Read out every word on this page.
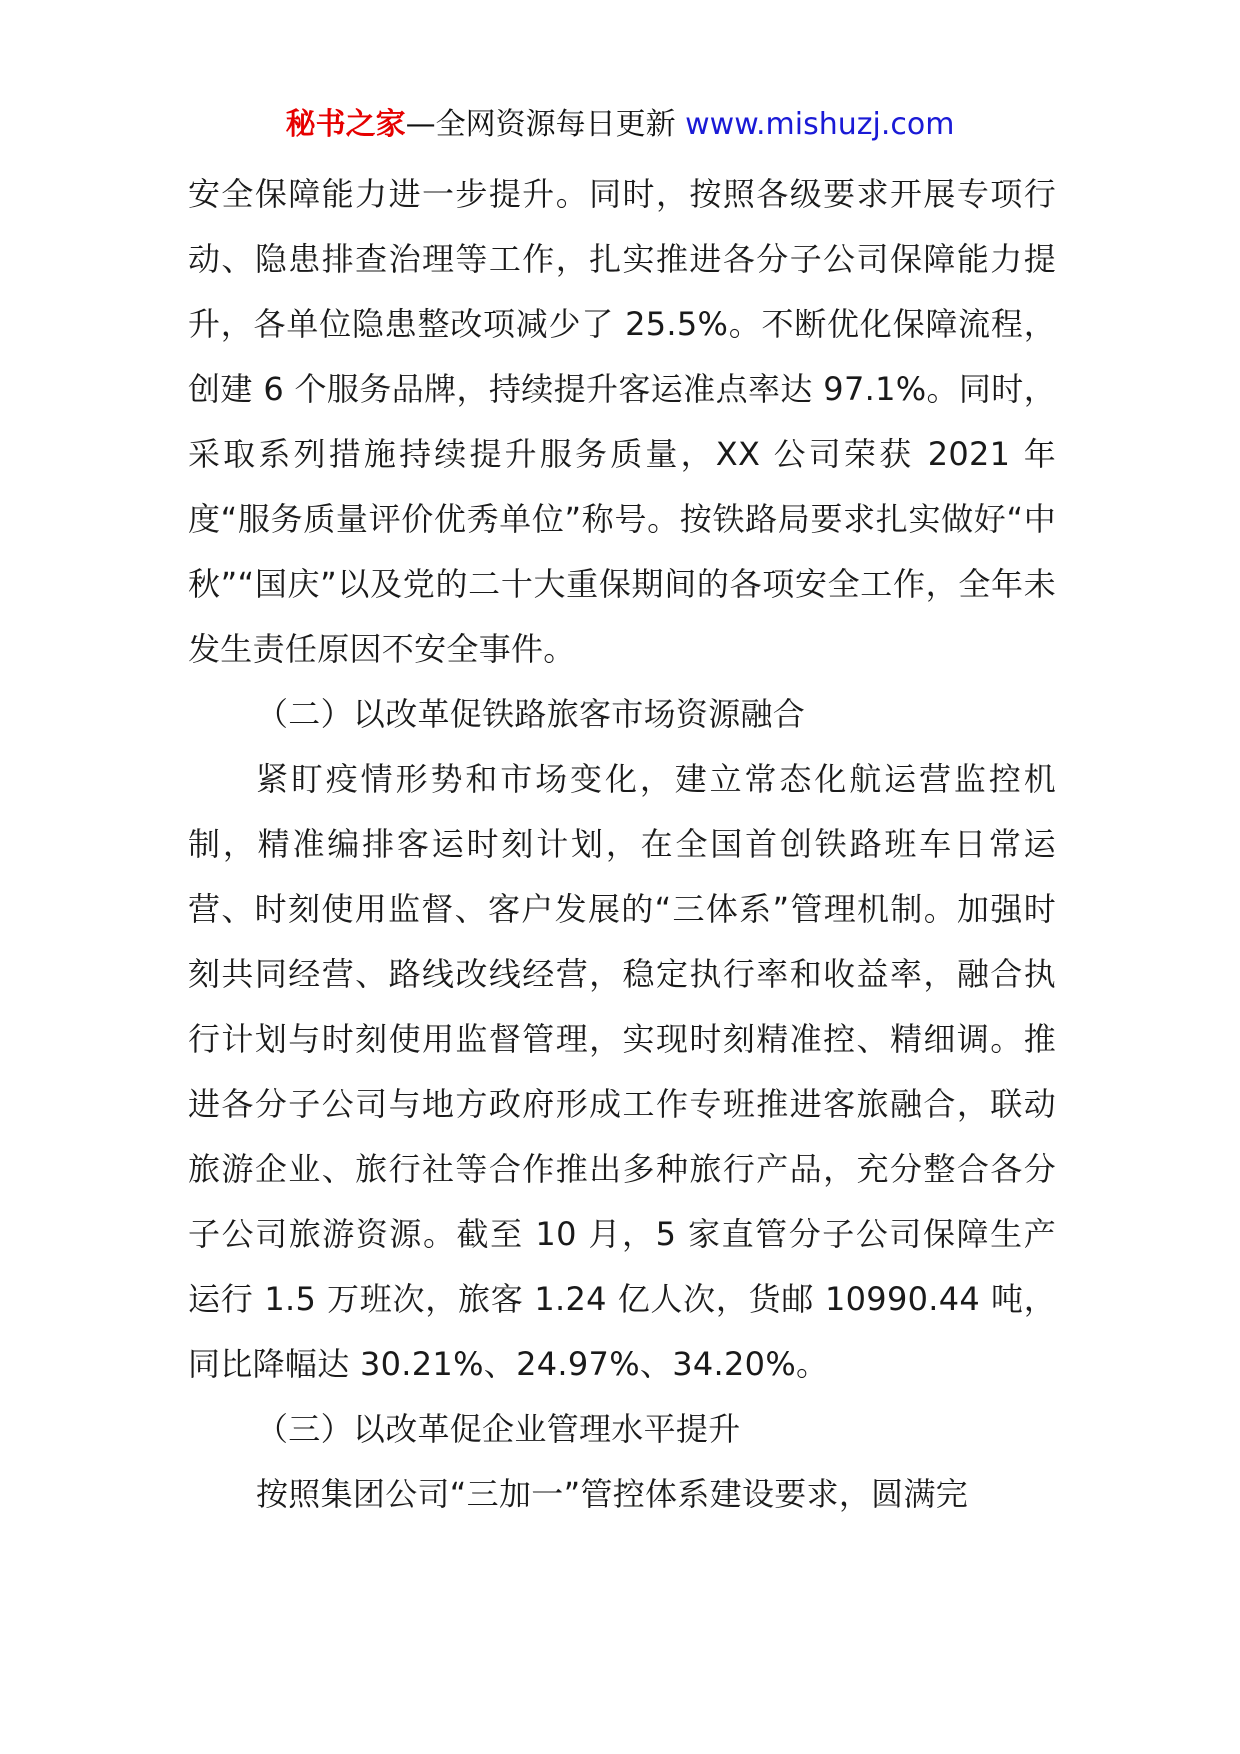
秘书之家—全网资源每日更新 www.mishuzj.com

安全保障能力进一步提升。同时，按照各级要求开展专项行动、隐患排查治理等工作，扎实推进各分子公司保障能力提升，各单位隐患整改项减少了 25.5%。不断优化保障流程，创建 6 个服务品牌，持续提升客运准点率达 97.1%。同时，采取系列措施持续提升服务质量，XX 公司荣获 2021 年度“服务质量评价优秀单位”称号。按铁路局要求扎实做好“中秋”“国庆”以及党的二十大重保期间的各项安全工作，全年未发生责任原因不安全事件。

（二）以改革促铁路旅客市场资源融合

紧盯疫情形势和市场变化，建立常态化航运营监控机制，精准编排客运时刻计划，在全国首创铁路班车日常运营、时刻使用监督、客户发展的“三体系”管理机制。加强时刻共同经营、路线改线经营，稳定执行率和收益率，融合执行计划与时刻使用监督管理，实现时刻精准控、精细调。推进各分子公司与地方政府形成工作专班推进客旅融合，联动旅游企业、旅行社等合作推出多种旅行产品，充分整合各分子公司旅游资源。截至 10 月，5 家直管分子公司保障生产运行 1.5 万班次，旅客 1.24 亿人次，货邮 10990.44 吨，同比降幅达 30.21%、24.97%、34.20%。

（三）以改革促企业管理水平提升

按照集团公司“三加一”管控体系建设要求，圆满完
